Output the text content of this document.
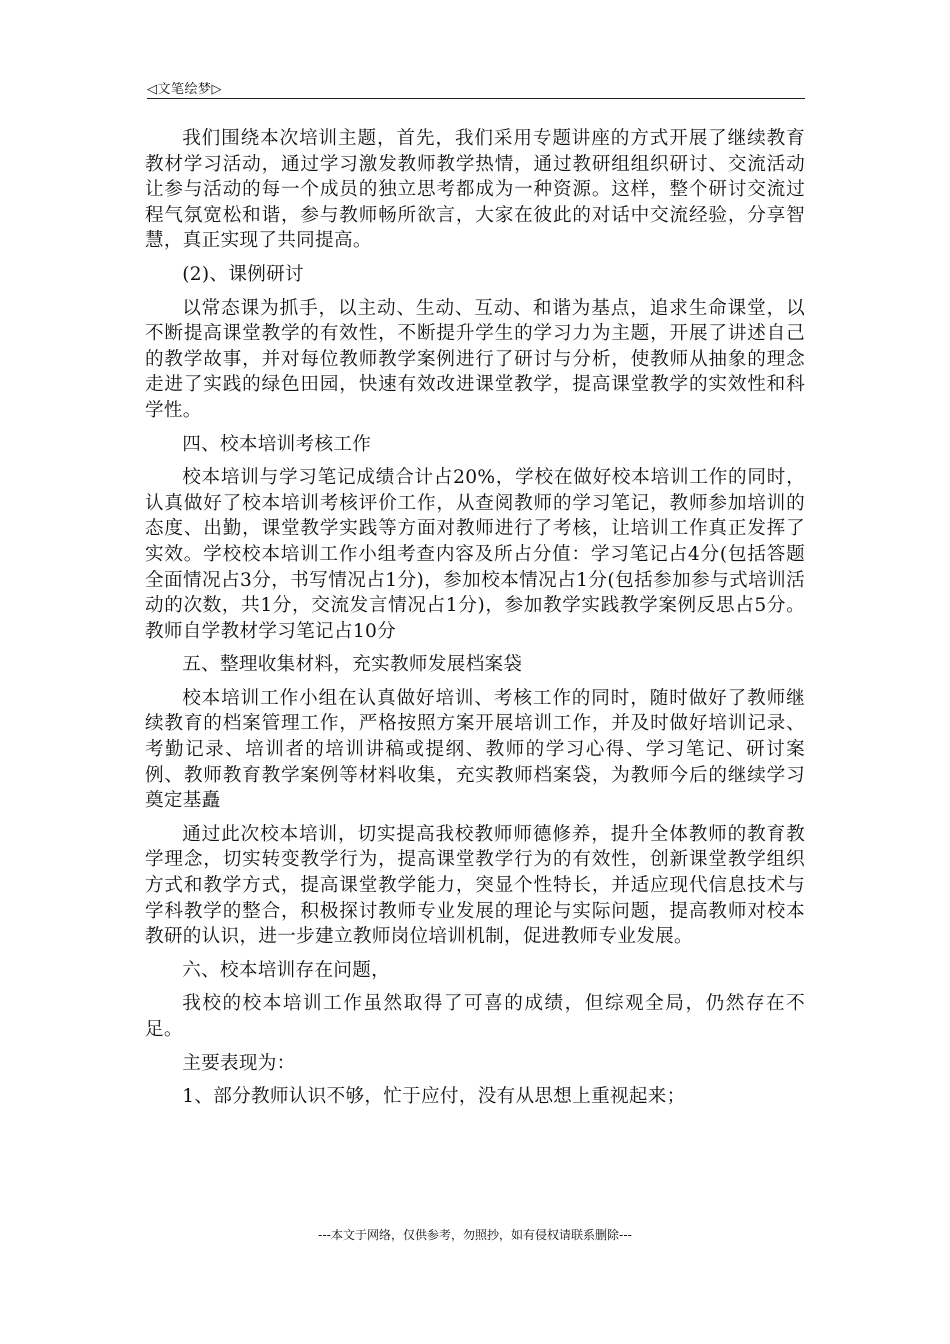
◁文笔绘梦▷

我们围绕本次培训主题，首先，我们采用专题讲座的方式开展了继续教育教材学习活动，通过学习激发教师教学热情，通过教研组组织研讨、交流活动让参与活动的每一个成员的独立思考都成为一种资源。这样，整个研讨交流过程气氛宽松和谐，参与教师畅所欲言，大家在彼此的对话中交流经验，分享智慧，真正实现了共同提高。

(2)、课例研讨

以常态课为抓手，以主动、生动、互动、和谐为基点，追求生命课堂，以不断提高课堂教学的有效性，不断提升学生的学习力为主题，开展了讲述自己的教学故事，并对每位教师教学案例进行了研讨与分析，使教师从抽象的理念走进了实践的绿色田园，快速有效改进课堂教学，提高课堂教学的实效性和科学性。

四、校本培训考核工作

校本培训与学习笔记成绩合计占20%，学校在做好校本培训工作的同时，认真做好了校本培训考核评价工作，从查阅教师的学习笔记，教师参加培训的态度、出勤，课堂教学实践等方面对教师进行了考核，让培训工作真正发挥了实效。学校校本培训工作小组考查内容及所占分值：学习笔记占4分(包括答题全面情况占3分，书写情况占1分)，参加校本情况占1分(包括参加参与式培训活动的次数，共1分，交流发言情况占1分)，参加教学实践教学案例反思占5分。教师自学教材学习笔记占10分

五、整理收集材料，充实教师发展档案袋

校本培训工作小组在认真做好培训、考核工作的同时，随时做好了教师继续教育的档案管理工作，严格按照方案开展培训工作，并及时做好培训记录、考勤记录、培训者的培训讲稿或提纲、教师的学习心得、学习笔记、研讨案例、教师教育教学案例等材料收集，充实教师档案袋，为教师今后的继续学习奠定基矗

通过此次校本培训，切实提高我校教师师德修养，提升全体教师的教育教学理念，切实转变教学行为，提高课堂教学行为的有效性，创新课堂教学组织方式和教学方式，提高课堂教学能力，突显个性特长，并适应现代信息技术与学科教学的整合，积极探讨教师专业发展的理论与实际问题，提高教师对校本教研的认识，进一步建立教师岗位培训机制，促进教师专业发展。

六、校本培训存在问题，

我校的校本培训工作虽然取得了可喜的成绩，但综观全局，仍然存在不足。

主要表现为：

1、部分教师认识不够，忙于应付，没有从思想上重视起来；

---本文于网络，仅供参考，勿照抄，如有侵权请联系删除---
